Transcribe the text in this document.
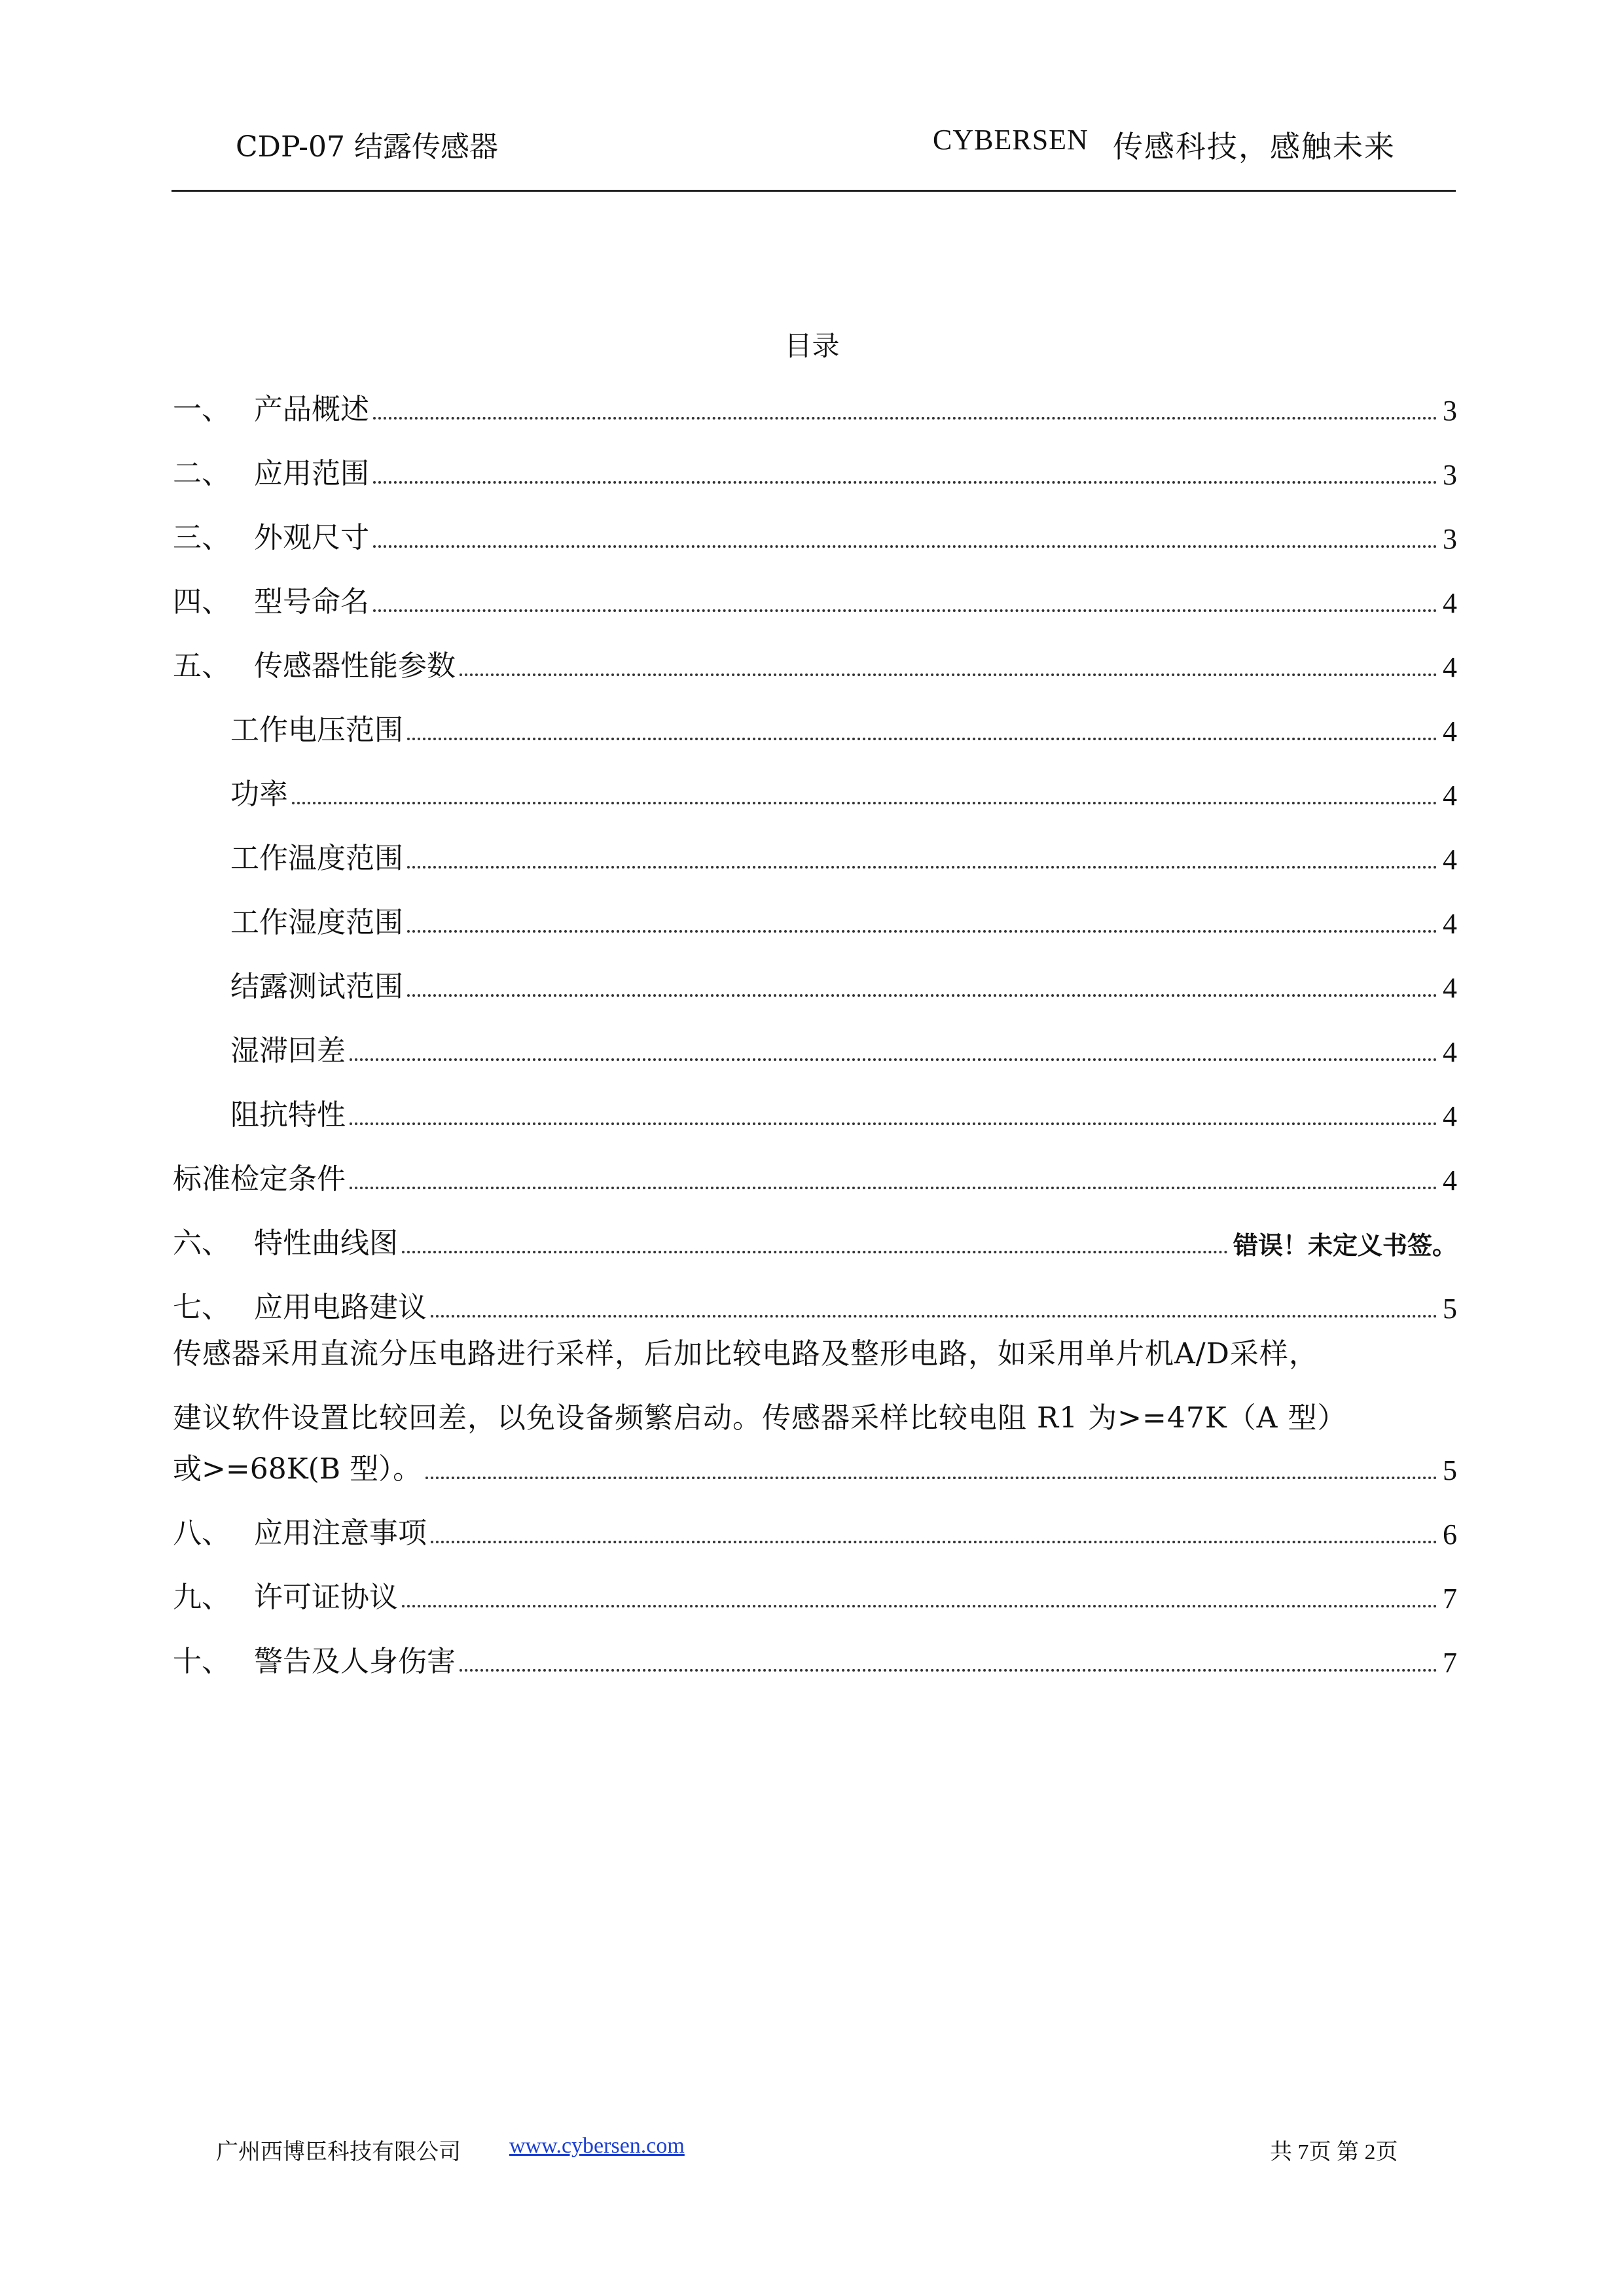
CDP-07 结露传感器	CYBERSEN 传感科技，感触未来
目录
一、 产品概述	3
二、 应用范围	3
三、 外观尺寸	3
四、 型号命名	4
五、 传感器性能参数	4
工作电压范围	4
功率	4
工作温度范围	4
工作湿度范围	4
结露测试范围	4
湿滞回差	4
阻抗特性	4
标准检定条件	4
六、 特性曲线图	错误！未定义书签。
七、 应用电路建议	5
传感器采用直流分压电路进行采样，后加比较电路及整形电路，如采用单片机A/D采样，
建议软件设置比较回差，以免设备频繁启动。传感器采样比较电阻 R1 为>=47K（A 型）
或>=68K(B 型）。	5
八、 应用注意事项	6
九、 许可证协议	7
十、 警告及人身伤害	7
广州西博臣科技有限公司 www.cybersen.com	共 7页 第 2页
